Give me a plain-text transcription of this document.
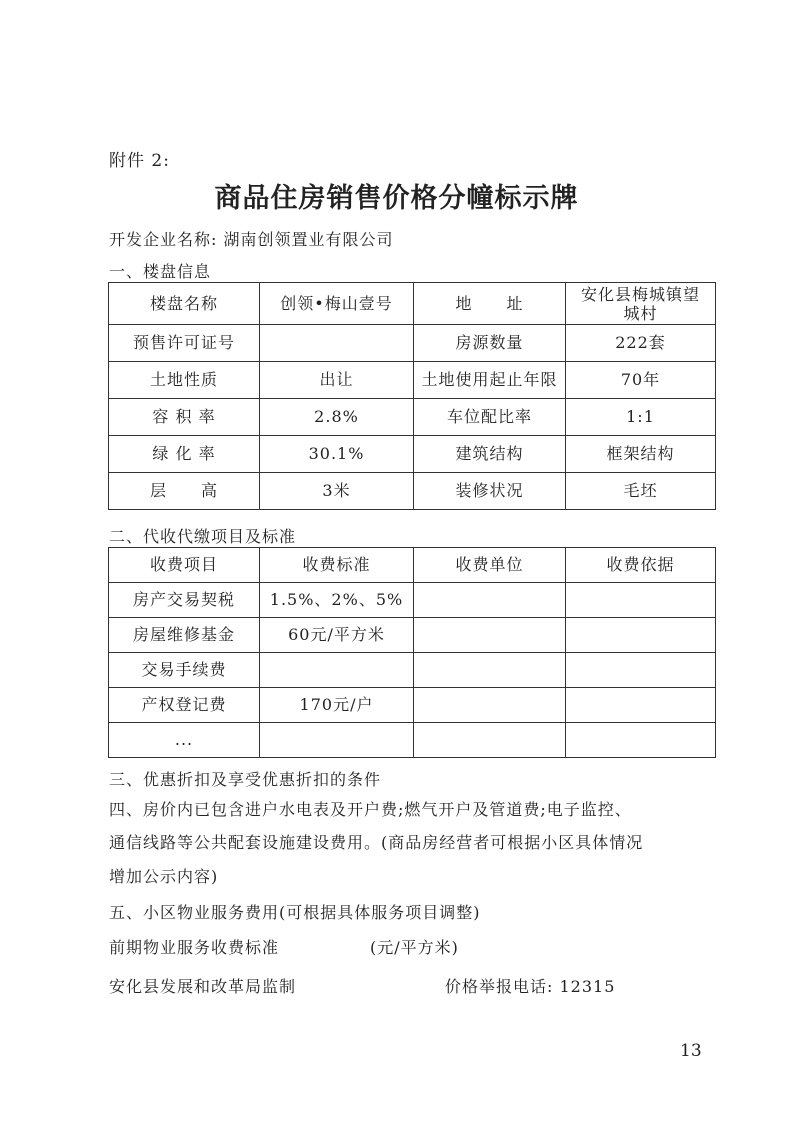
附件 2:
商品住房销售价格分幢标示牌
开发企业名称: 湖南创领置业有限公司
一、楼盘信息
楼盘名称	创领•梅山壹号	地　　址	安化县梅城镇望城村
预售许可证号		房源数量	222套
土地性质	出让	土地使用起止年限	70年
容 积 率	2.8%	车位配比率	1:1
绿 化 率	30.1%	建筑结构	框架结构
层　　高	3米	装修状况	毛坯
二、代收代缴项目及标准
收费项目	收费标准	收费单位	收费依据
房产交易契税	1.5%、2%、5%		
房屋维修基金	60元/平方米		
交易手续费			
产权登记费	170元/户		
...			
三、优惠折扣及享受优惠折扣的条件
四、房价内已包含进户水电表及开户费;燃气开户及管道费;电子监控、
通信线路等公共配套设施建设费用。(商品房经营者可根据小区具体情况
增加公示内容)
五、小区物业服务费用(可根据具体服务项目调整)
前期物业服务收费标准	(元/平方米)
安化县发展和改革局监制	价格举报电话: 12315
13
